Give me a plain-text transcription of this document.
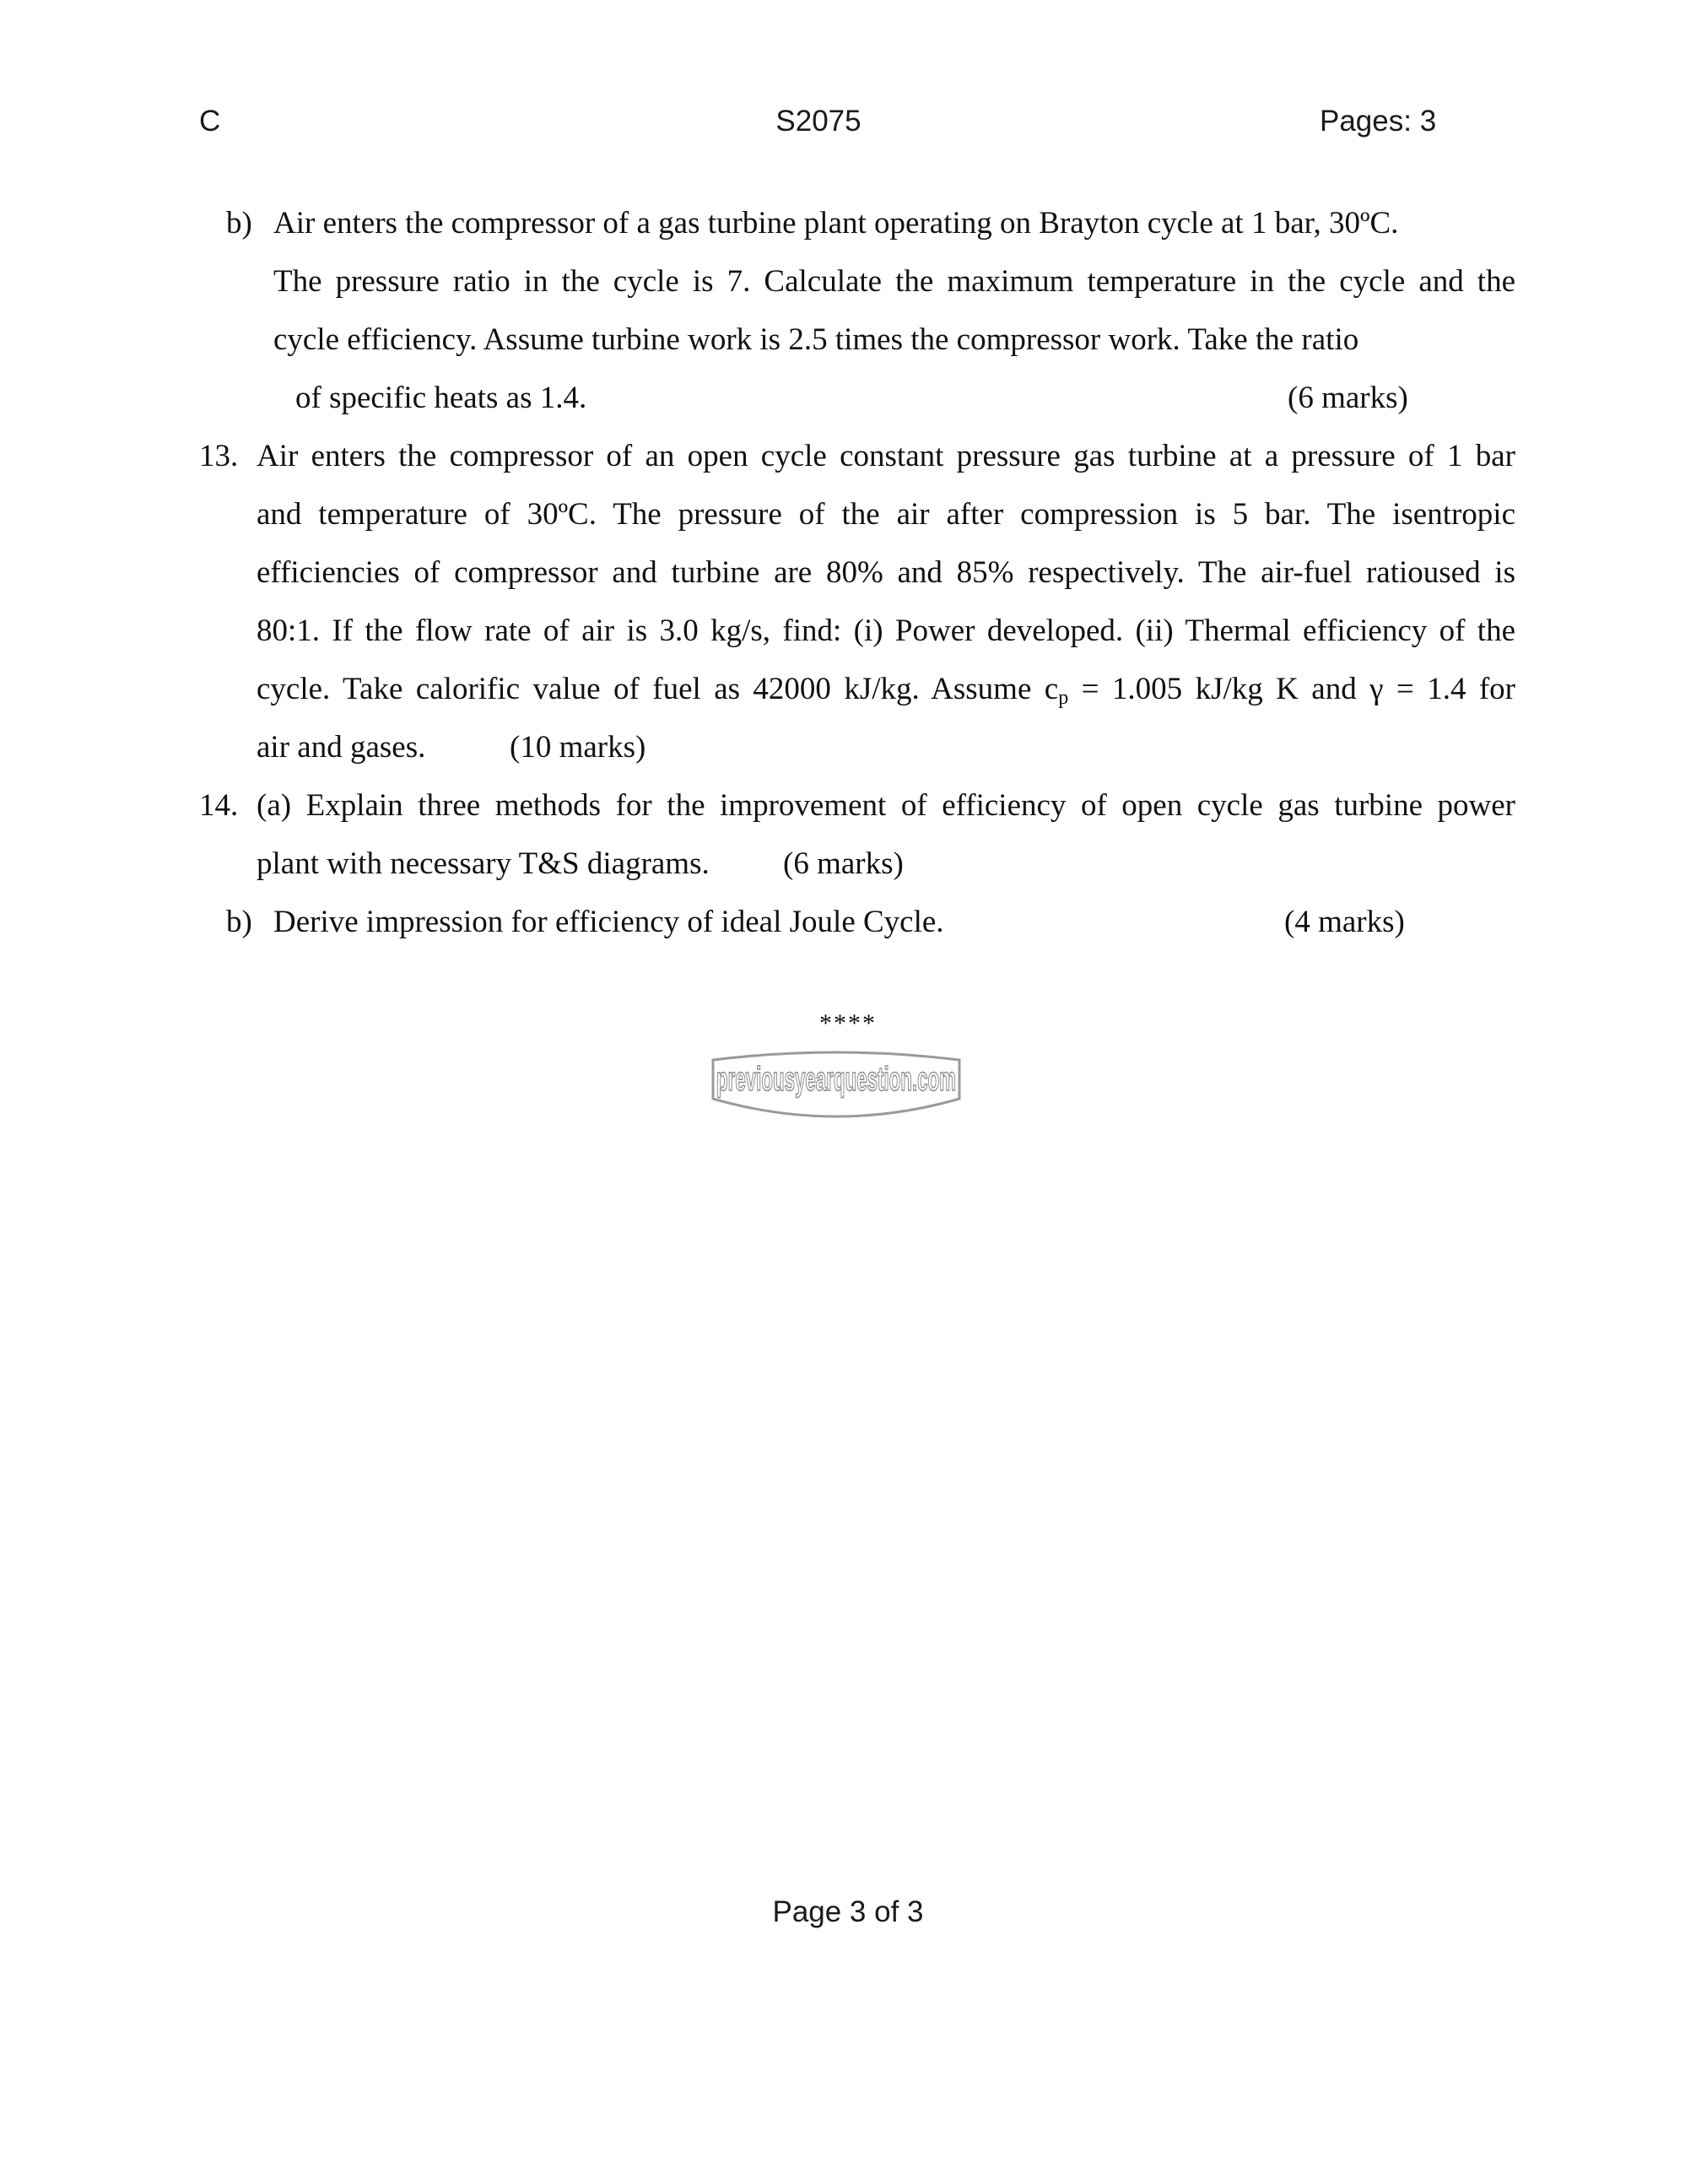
C	S2075	Pages: 3
b) Air enters the compressor of a gas turbine plant operating on Brayton cycle at 1 bar, 30ºC.
The pressure ratio in the cycle is 7. Calculate the maximum temperature in the cycle and the
cycle efficiency. Assume turbine work is 2.5 times the compressor work. Take the ratio
of specific heats as 1.4.	(6 marks)
13. Air enters the compressor of an open cycle constant pressure gas turbine at a pressure of 1 bar
and temperature of 30ºC. The pressure of the air after compression is 5 bar. The isentropic
efficiencies of compressor and turbine are 80% and 85% respectively. The air-fuel ratioused is
80:1. If the flow rate of air is 3.0 kg/s, find: (i) Power developed. (ii) Thermal efficiency of the
cycle. Take calorific value of fuel as 42000 kJ/kg. Assume $c_p = 1.005$ kJ/kg K and γ = 1.4 for
air and gases.	(10 marks)
14. (a) Explain three methods for the improvement of efficiency of open cycle gas turbine power
plant with necessary T&S diagrams. (6 marks)
b) Derive impression for efficiency of ideal Joule Cycle.	(4 marks)
****
previousyearquestion.com
Page 3 of 3
